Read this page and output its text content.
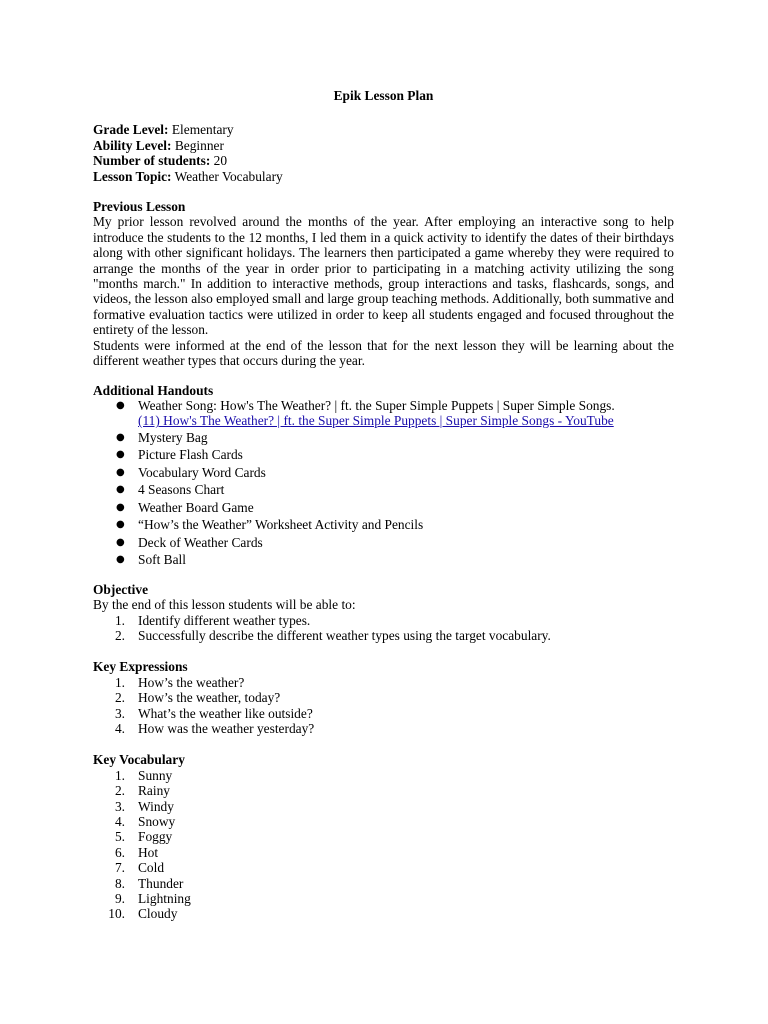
Epik Lesson Plan

Grade Level: Elementary

Ability Level: Beginner

Number of students: 20

Lesson Topic: Weather Vocabulary

Previous Lesson

My prior lesson revolved around the months of the year. After employing an interactive song to help introduce the students to the 12 months, I led them in a quick activity to identify the dates of their birthdays along with other significant holidays. The learners then participated a game whereby they were required to arrange the months of the year in order prior to participating in a matching activity utilizing the song "months march." In addition to interactive methods, group interactions and tasks, flashcards, songs, and videos, the lesson also employed small and large group teaching methods. Additionally, both summative and formative evaluation tactics were utilized in order to keep all students engaged and focused throughout the entirety of the lesson.

Students were informed at the end of the lesson that for the next lesson they will be learning about the different weather types that occurs during the year.

Additional Handouts
● Weather Song: How's The Weather? | ft. the Super Simple Puppets | Super Simple Songs.
(11) How's The Weather? | ft. the Super Simple Puppets | Super Simple Songs - YouTube
● Mystery Bag
● Picture Flash Cards
● Vocabulary Word Cards
● 4 Seasons Chart
● Weather Board Game
● “How’s the Weather” Worksheet Activity and Pencils
● Deck of Weather Cards
● Soft Ball
Objective

By the end of this lesson students will be able to:

1. Identify different weather types.
2. Successfully describe the different weather types using the target vocabulary.
Key Expressions
1. How’s the weather?
2. How’s the weather, today?
3. What’s the weather like outside?
4. How was the weather yesterday?
Key Vocabulary
1. Sunny
2. Rainy
3. Windy
4. Snowy
5. Foggy
6. Hot
7. Cold
8. Thunder
9. Lightning
10. Cloudy
